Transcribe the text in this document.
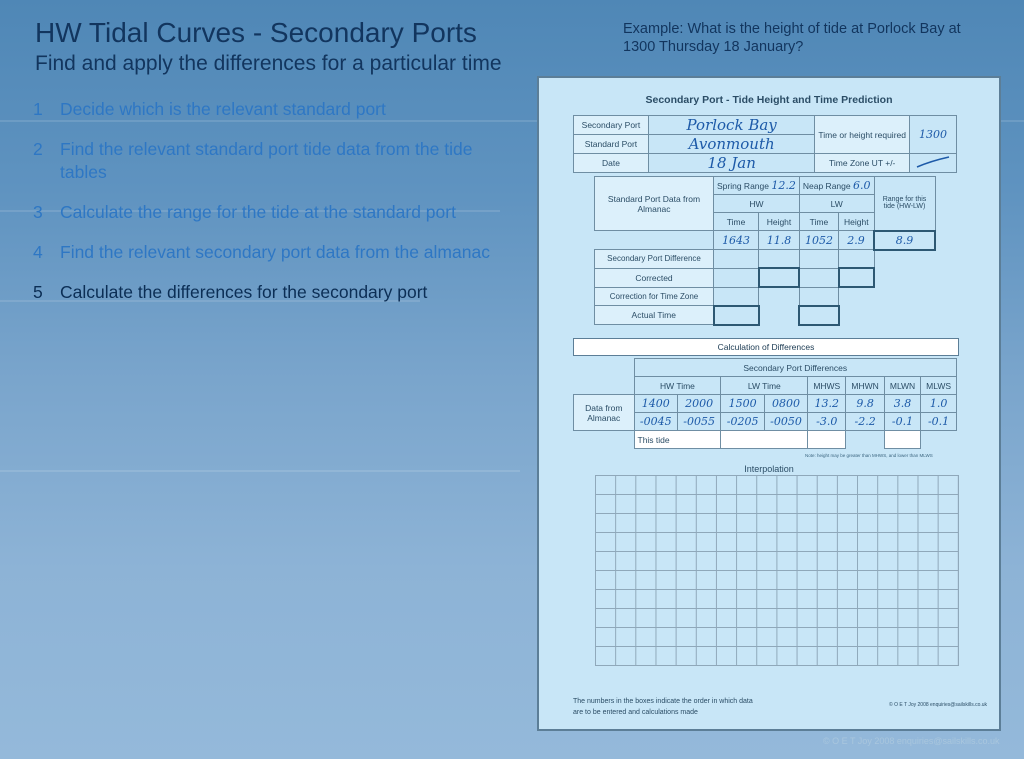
HW Tidal Curves - Secondary Ports
Find and apply the differences for a particular time
Example: What is the height of tide at Porlock Bay at 1300 Thursday 18 January?
1 Decide which is the relevant standard port
2 Find the relevant standard port tide data from the tide tables
3 Calculate the range for the tide at the standard port
4 Find the relevant secondary port data from the almanac
5 Calculate the differences for the secondary port
Secondary Port - Tide Height and Time Prediction
Secondary Port	Porlock Bay	Time or height required	1300
Standard Port	Avonmouth		
Date	18 Jan	Time Zone UT +/-	
Standard Port Data from Almanac	Spring Range 12.2		Neap Range 6.0		Range for this tide (HW-LW)
	HW		LW		
	Time	Height	Time	Height	
	1643	11.8	1052	2.9	8.9
Secondary Port Difference					
Corrected					
Correction for Time Zone					
Actual Time					
Calculation of Differences
	Secondary Port Differences							
	HW Time		LW Time		MHWS	MHWN	MLWN	MLWS
Data from Almanac	1400	2000	1500	0800	13.2	9.8	3.8	1.0
	-0045	-0055	-0205	-0050	-3.0	-2.2	-0.1	-0.1
	This tide							
Note: height may be greater than MHWS, and lower than MLWS
Interpolation
The numbers in the boxes indicate the order in which data
are to be entered and calculations made
© O E T Joy 2008 enquiries@sailskills.co.uk
© O E T Joy 2008 enquiries@sailskills.co.uk
